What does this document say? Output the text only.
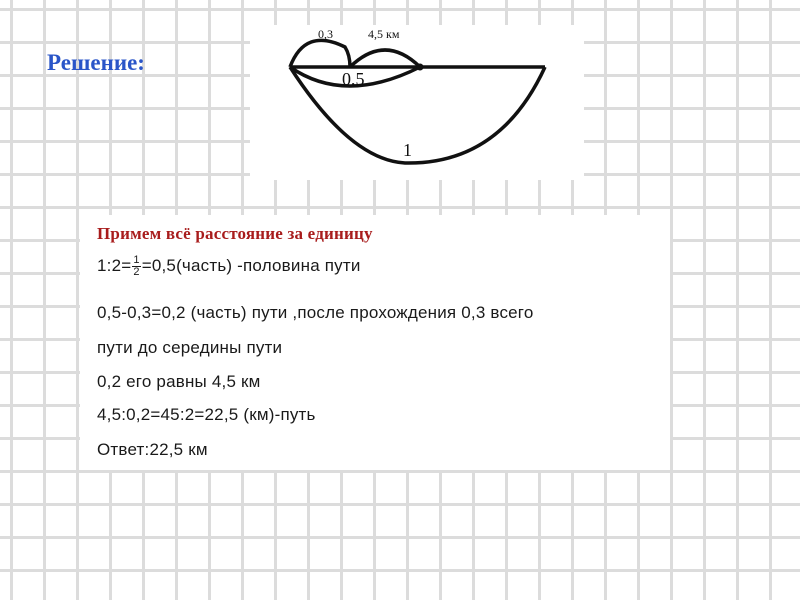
Решение:
0,3	4,5 км
0,5
1
Примем всё расстояние за единицу
1:2= $\frac{1}{2}$ =0,5(часть) -половина пути
0,5-0,3=0,2 (часть) пути ,после прохождения 0,3 всего
пути до середины пути
0,2 его равны 4,5 км
4,5:0,2=45:2=22,5 (км)-путь
Ответ:22,5 км
